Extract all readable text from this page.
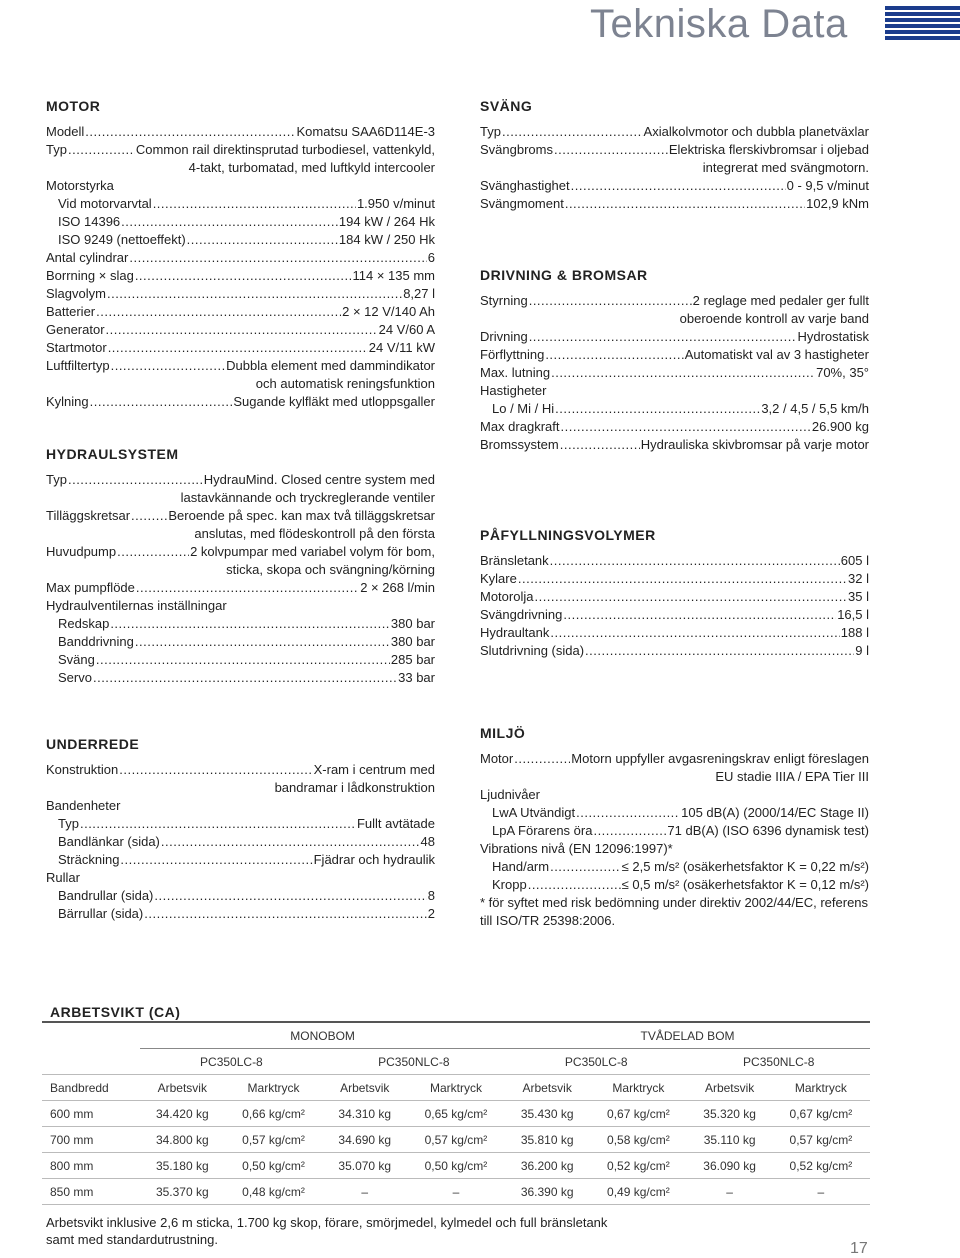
Tekniska Data
MOTOR
Modell .....	Komatsu SAA6D114E-3
Typ .....	Common rail direktinsprutad turbodiesel, vattenkyld,
4-takt, turbomatad, med luftkyld intercooler
Motorstyrka
Vid motorvarvtal .....	1.950 v/minut
ISO 14396 .....	194 kW / 264 Hk
ISO 9249 (nettoeffekt) .....	184 kW / 250 Hk
Antal cylindrar .....	6
Borrning × slag .....	114 × 135 mm
Slagvolym .....	8,27 l
Batterier .....	2 × 12 V/140 Ah
Generator .....	24 V/60 A
Startmotor .....	24 V/11 kW
Luftfiltertyp .....	Dubbla element med dammindikator
och automatisk reningsfunktion
Kylning .....	Sugande kylfläkt med utloppsgaller
HYDRAULSYSTEM
Typ .....	HydrauMind. Closed centre system med
lastavkännande och tryckreglerande ventiler
Tilläggskretsar .....	Beroende på spec. kan max två tilläggskretsar
anslutas, med flödeskontroll på den första
Huvudpump .....	2 kolvpumpar med variabel volym för bom,
sticka, skopa och svängning/körning
Max pumpflöde .....	2 × 268 l/min
Hydraulventilernas inställningar
Redskap .....	380 bar
Banddrivning .....	380 bar
Sväng .....	285 bar
Servo .....	33 bar
UNDERREDE
Konstruktion .....	X-ram i centrum med
bandramar i lådkonstruktion
Bandenheter
Typ .....	Fullt avtätade
Bandlänkar (sida) .....	48
Sträckning .....	Fjädrar och hydraulik
Rullar
Bandrullar (sida) .....	8
Bärrullar (sida) .....	2
SVÄNG
Typ .....	Axialkolvmotor och dubbla planetväxlar
Svängbroms .....	Elektriska flerskivbromsar i oljebad
integrerat med svängmotorn.
Svänghastighet .....	0 - 9,5 v/minut
Svängmoment .....	102,9 kNm
DRIVNING & BROMSAR
Styrning .....	2 reglage med pedaler ger fullt
oberoende kontroll av varje band
Drivning .....	Hydrostatisk
Förflyttning .....	Automatiskt val av 3 hastigheter
Max. lutning .....	70%, 35°
Hastigheter
Lo / Mi / Hi .....	3,2 / 4,5 / 5,5 km/h
Max dragkraft .....	26.900 kg
Bromssystem .....	Hydrauliska skivbromsar på varje motor
PÅFYLLNINGSVOLYMER
Bränsletank .....	605 l
Kylare .....	32 l
Motorolja .....	35 l
Svängdrivning .....	16,5 l
Hydraultank .....	188 l
Slutdrivning (sida) .....	9 l
MILJÖ
Motor .....	Motorn uppfyller avgasreningskrav enligt föreslagen
EU stadie IIIA / EPA Tier III
Ljudnivåer
LwA Utvändigt .....	105 dB(A) (2000/14/EC Stage II)
LpA Förarens öra .....	71 dB(A) (ISO 6396 dynamisk test)
Vibrations nivå (EN 12096:1997)*
Hand/arm .....	≤ 2,5 m/s² (osäkerhetsfaktor K = 0,22 m/s²)
Kropp .....	≤ 0,5 m/s² (osäkerhetsfaktor K = 0,12 m/s²)
* för syftet med risk bedömning under direktiv 2002/44/EC, referens
till ISO/TR 25398:2006.
ARBETSVIKT (CA)
	MONOBOM				TVÅDELAD BOM			
	PC350LC-8		PC350NLC-8		PC350LC-8		PC350NLC-8	
Bandbredd	Arbetsvik	Marktryck	Arbetsvik	Marktryck	Arbetsvik	Marktryck	Arbetsvik	Marktryck
600 mm	34.420 kg	0,66 kg/cm²	34.310 kg	0,65 kg/cm²	35.430 kg	0,67 kg/cm²	35.320 kg	0,67 kg/cm²
700 mm	34.800 kg	0,57 kg/cm²	34.690 kg	0,57 kg/cm²	35.810 kg	0,58 kg/cm²	35.110 kg	0,57 kg/cm²
800 mm	35.180 kg	0,50 kg/cm²	35.070 kg	0,50 kg/cm²	36.200 kg	0,52 kg/cm²	36.090 kg	0,52 kg/cm²
850 mm	35.370 kg	0,48 kg/cm²	–	–	36.390 kg	0,49 kg/cm²	–	–
Arbetsvikt inklusive 2,6 m sticka, 1.700 kg skop, förare, smörjmedel, kylmedel och full bränsletank
samt med standardutrustning.
17
